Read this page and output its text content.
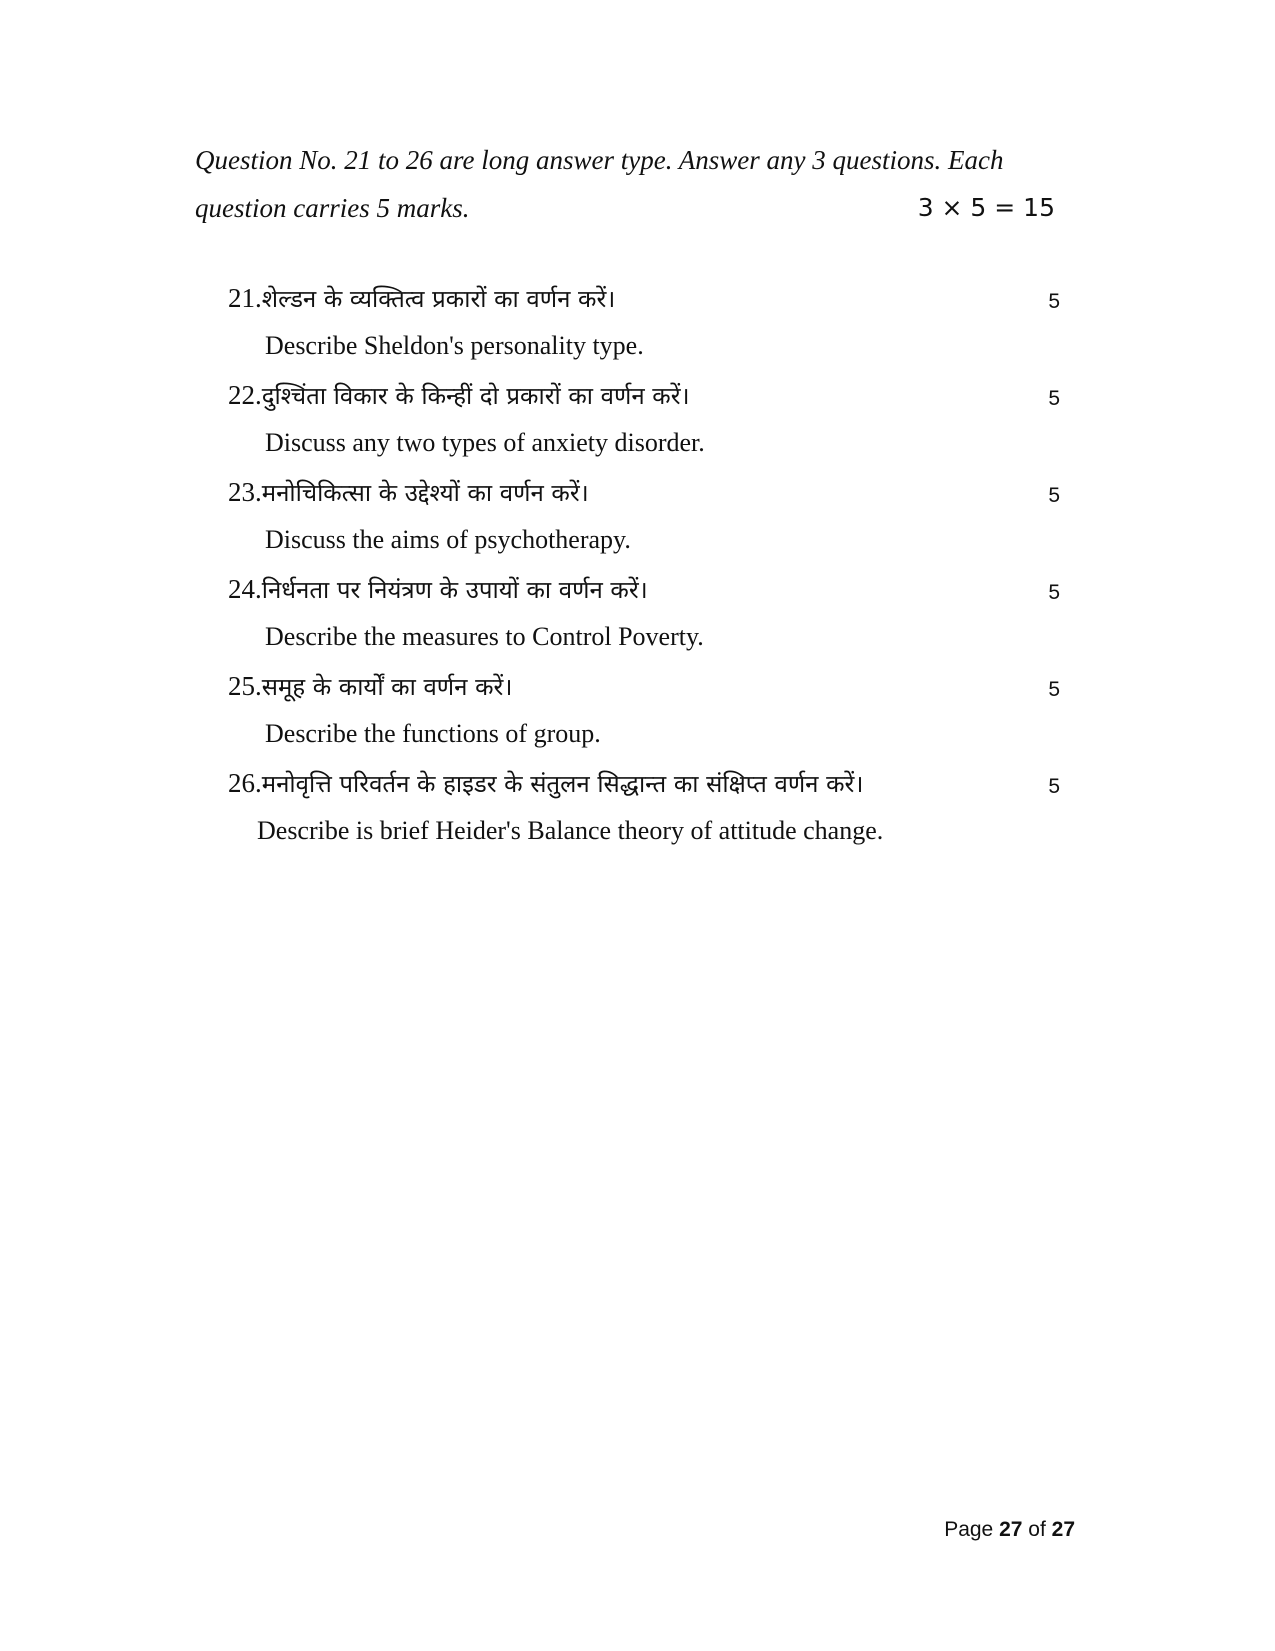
Question No. 21 to 26 are long answer type. Answer any 3 questions. Each
question carries 5 marks.	3 × 5 = 15
21.शेल्डन के व्यक्तित्व प्रकारों का वर्णन करें।	5
Describe Sheldon's personality type.
22.दुश्चिंता विकार के किन्हीं दो प्रकारों का वर्णन करें।	5
Discuss any two types of anxiety disorder.
23.मनोचिकित्सा के उद्देश्यों का वर्णन करें।	5
Discuss the aims of psychotherapy.
24.निर्धनता पर नियंत्रण के उपायों का वर्णन करें।	5
Describe the measures to Control Poverty.
25.समूह के कार्यों का वर्णन करें।	5
Describe the functions of group.
26.मनोवृत्ति परिवर्तन के हाइडर के संतुलन सिद्धान्त का संक्षिप्त वर्णन करें।	5
Describe is brief Heider's Balance theory of attitude change.
Page 27 of 27
